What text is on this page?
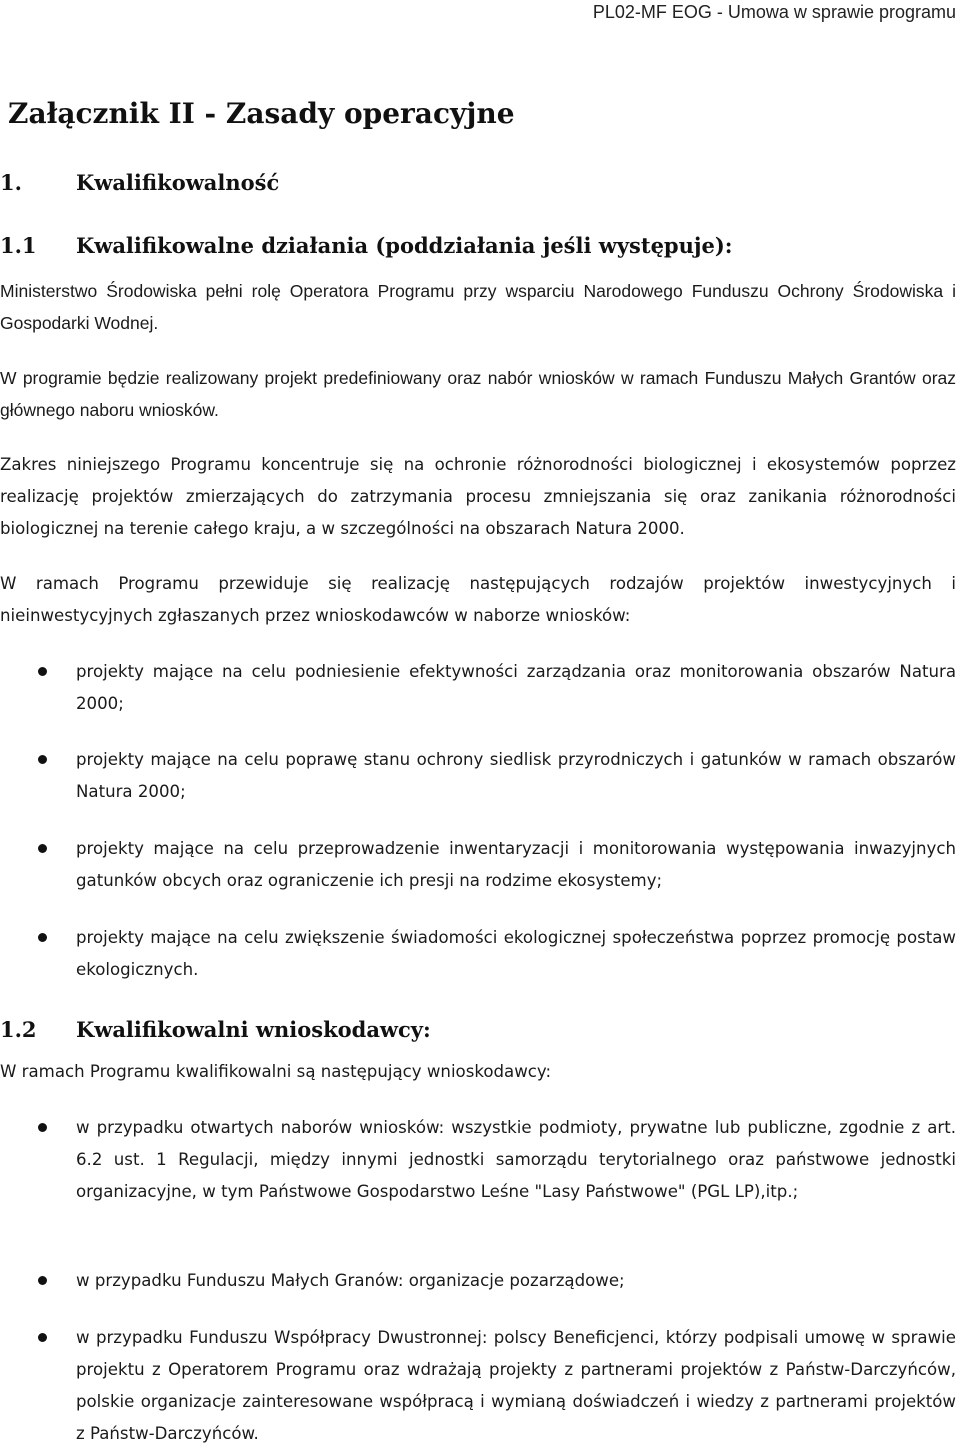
PL02-MF EOG - Umowa w sprawie programu
Załącznik II - Zasady operacyjne
1.	Kwalifikowalność
1.1 Kwalifikowalne działania (poddziałania jeśli występuje):

Ministerstwo Środowiska pełni rolę Operatora Programu przy wsparciu Narodowego Funduszu Ochrony Środowiska i Gospodarki Wodnej.

W programie będzie realizowany projekt predefiniowany oraz nabór wniosków w ramach Funduszu Małych Grantów oraz głównego naboru wniosków.

Zakres niniejszego Programu koncentruje się na ochronie różnorodności biologicznej i ekosystemów poprzez realizację projektów zmierzających do zatrzymania procesu zmniejszania się oraz zanikania różnorodności biologicznej na terenie całego kraju, a w szczególności na obszarach Natura 2000.

W ramach Programu przewiduje się realizację następujących rodzajów projektów inwestycyjnych i nieinwestycyjnych zgłaszanych przez wnioskodawców w naborze wniosków:

projekty mające na celu podniesienie efektywności zarządzania oraz monitorowania obszarów Natura 2000;
projekty mające na celu poprawę stanu ochrony siedlisk przyrodniczych i gatunków w ramach obszarów Natura 2000;
projekty mające na celu przeprowadzenie inwentaryzacji i monitorowania występowania inwazyjnych gatunków obcych oraz ograniczenie ich presji na rodzime ekosystemy;
projekty mające na celu zwiększenie świadomości ekologicznej społeczeństwa poprzez promocję postaw ekologicznych.
1.2 Kwalifikowalni wnioskodawcy:

W ramach Programu kwalifikowalni są następujący wnioskodawcy:

w przypadku otwartych naborów wniosków: wszystkie podmioty, prywatne lub publiczne, zgodnie z art. 6.2 ust. 1 Regulacji, między innymi jednostki samorządu terytorialnego oraz państwowe jednostki organizacyjne, w tym Państwowe Gospodarstwo Leśne "Lasy Państwowe" (PGL LP),itp.;
w przypadku Funduszu Małych Granów: organizacje pozarządowe;
w przypadku Funduszu Współpracy Dwustronnej: polscy Beneficjenci, którzy podpisali umowę w sprawie projektu z Operatorem Programu oraz wdrażają projekty z partnerami projektów z Państw-Darczyńców, polskie organizacje zainteresowane współpracą i wymianą doświadczeń i wiedzy z partnerami projektów z Państw-Darczyńców.
